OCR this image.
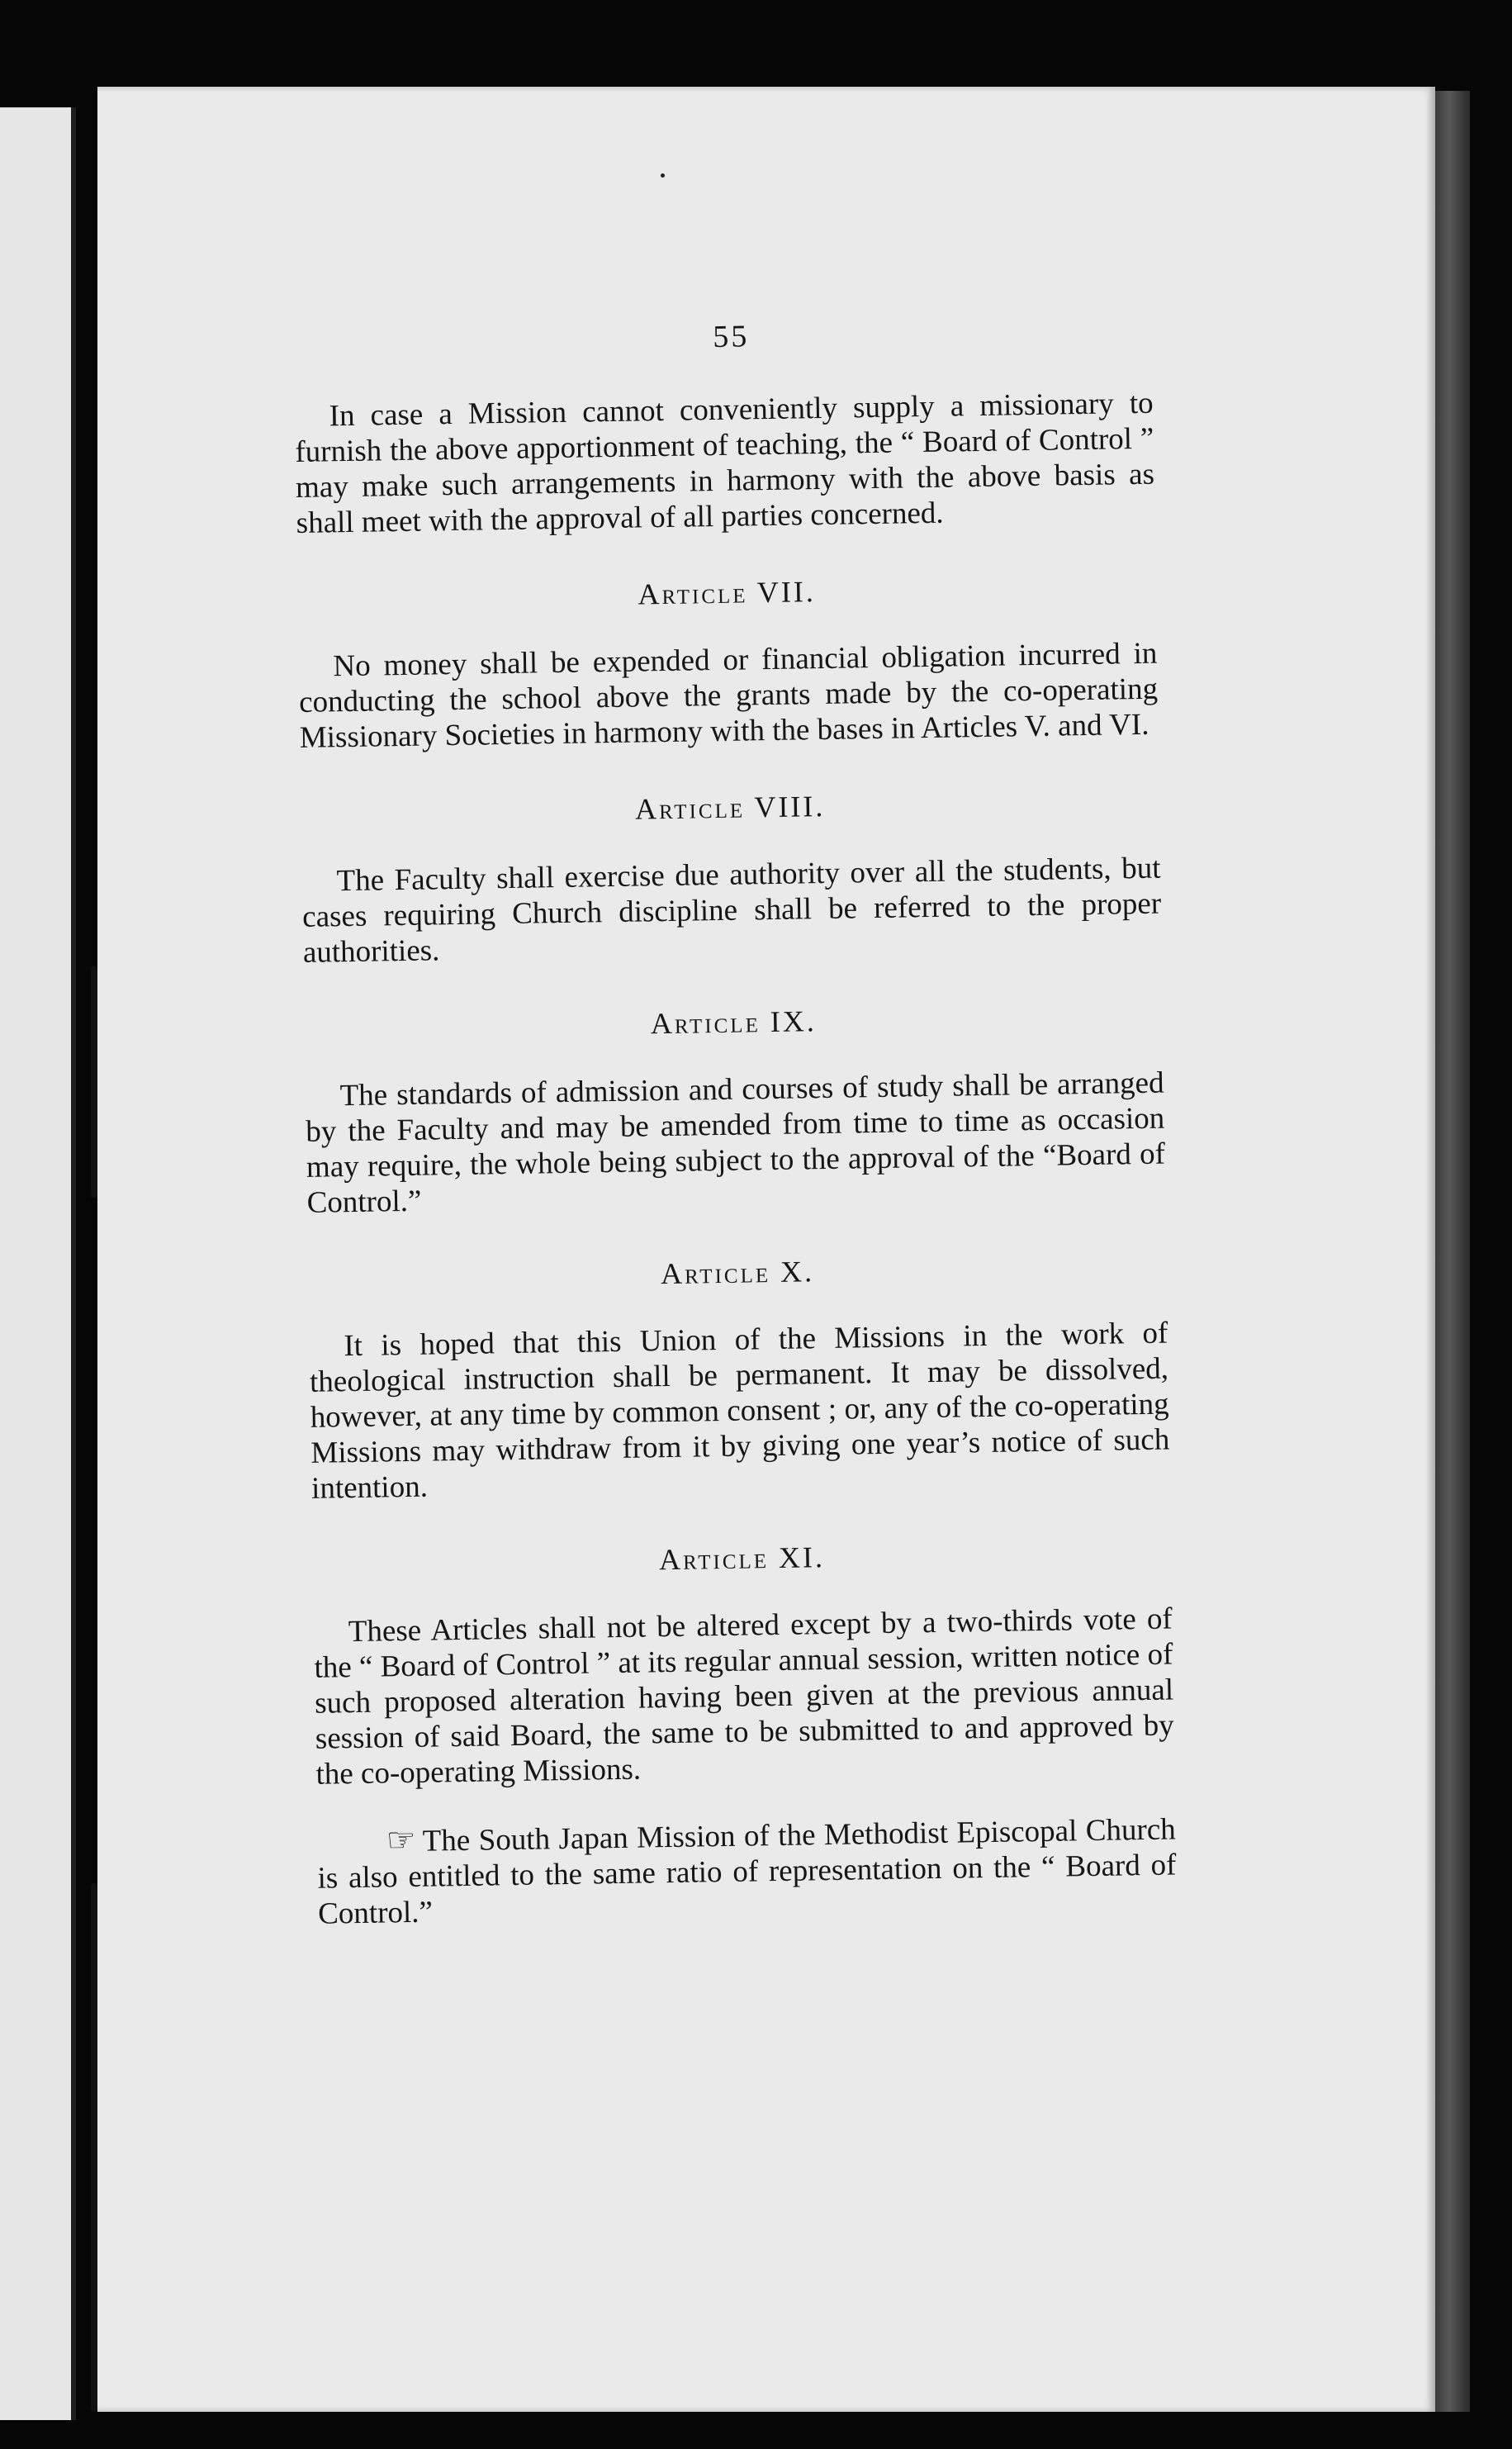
55

In case a Mission cannot conveniently supply a missionary to furnish the above apportionment of teaching, the “ Board of Control ” may make such arrangements in harmony with the above basis as shall meet with the approval of all parties concerned.

Article VII.

No money shall be expended or financial obligation incurred in conducting the school above the grants made by the co-operating Missionary Societies in harmony with the bases in Articles V. and VI.

Article VIII.

The Faculty shall exercise due authority over all the students, but cases requiring Church discipline shall be referred to the proper authorities.

Article IX.

The standards of admission and courses of study shall be arranged by the Faculty and may be amended from time to time as occasion may require, the whole being subject to the approval of the “Board of Control.”

Article X.

It is hoped that this Union of the Missions in the work of theological instruction shall be permanent. It may be dissolved, however, at any time by common consent ; or, any of the co-operating Missions may withdraw from it by giving one year’s notice of such intention.

Article XI.

These Articles shall not be altered except by a two-thirds vote of the “ Board of Control ” at its regular annual session, written notice of such proposed alteration having been given at the previous annual session of said Board, the same to be submitted to and approved by the co-operating Missions.

☞ The South Japan Mission of the Methodist Episcopal Church is also entitled to the same ratio of representation on the “ Board of Control.”
